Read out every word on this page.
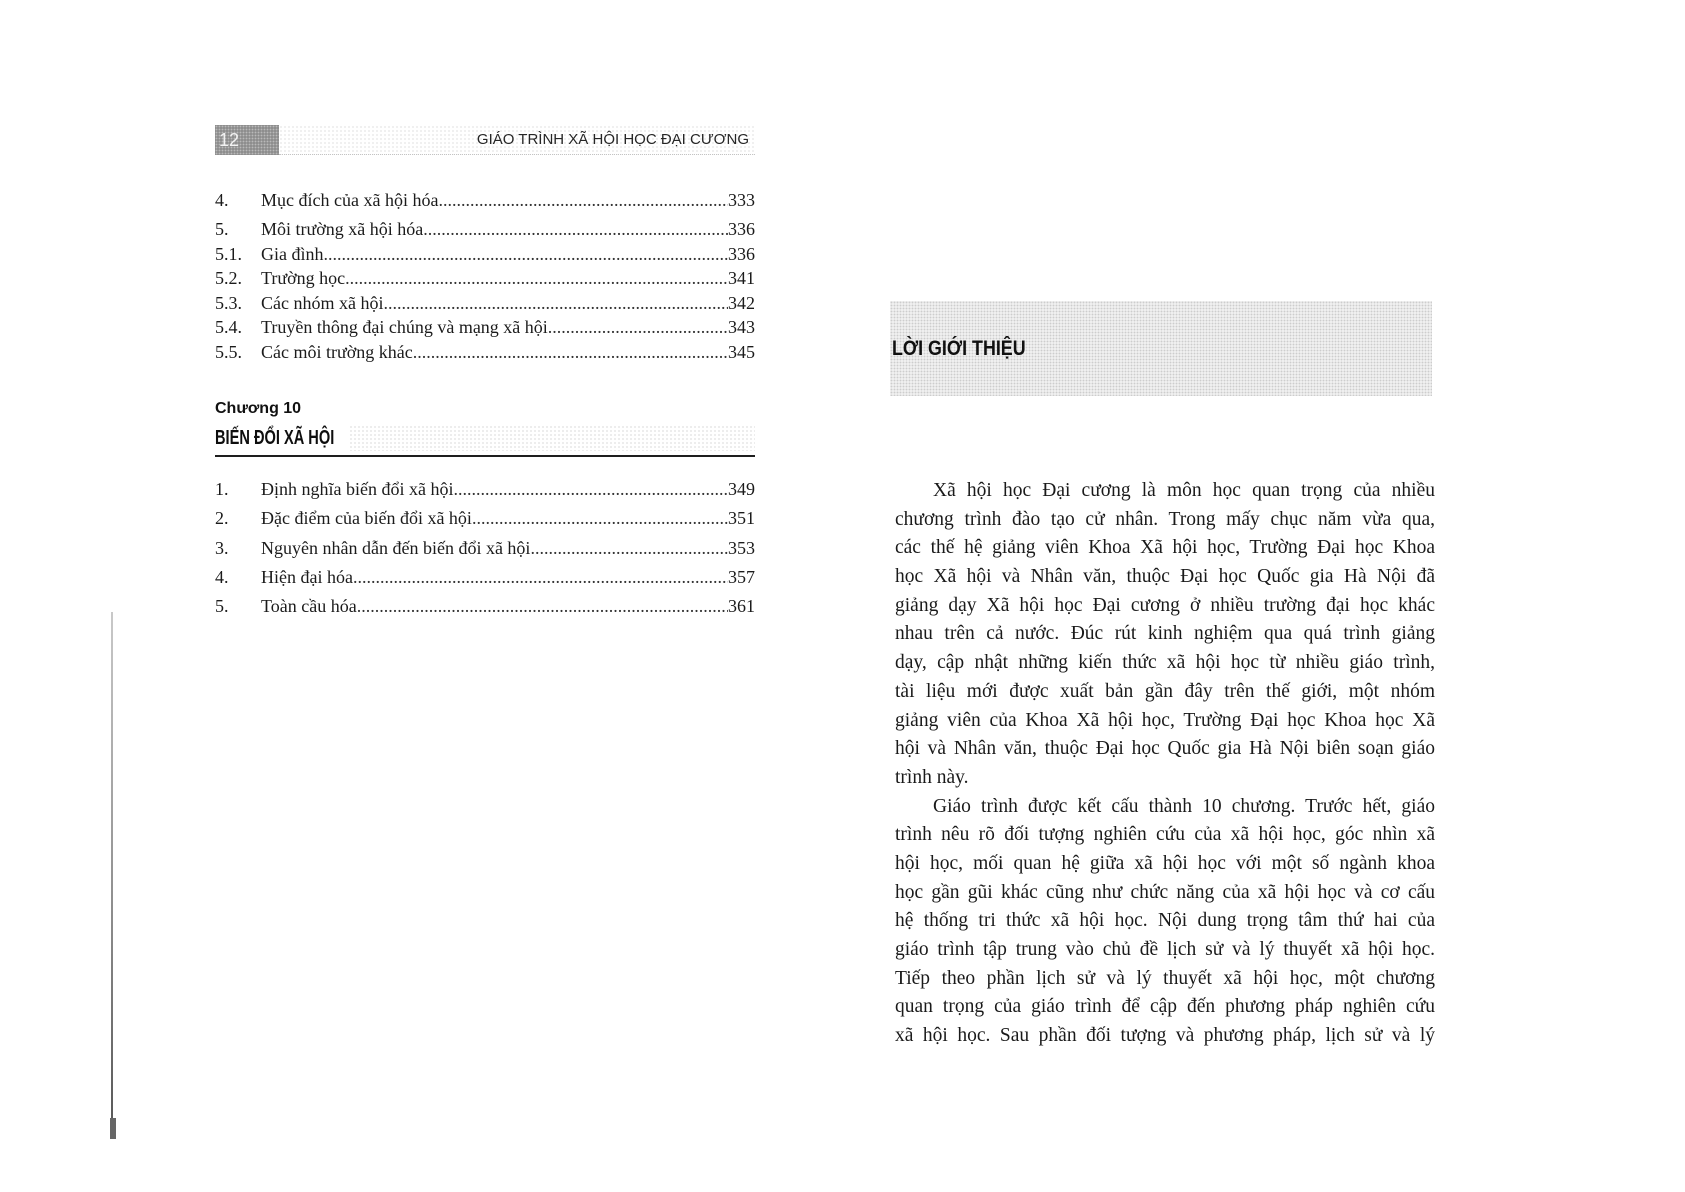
12	GIÁO TRÌNH XÃ HỘI HỌC ĐẠI CƯƠNG
4.	Mục đích của xã hội hóa .....	333
5.	Môi trường xã hội hóa .....	336
5.1.	Gia đình .....	336
5.2.	Trường học .....	341
5.3.	Các nhóm xã hội .....	342
5.4.	Truyền thông đại chúng và mạng xã hội .....	343
5.5.	Các môi trường khác .....	345
Chương 10
BIẾN ĐỔI XÃ HỘI
1.	Định nghĩa biến đổi xã hội .....	349
2.	Đặc điểm của biến đổi xã hội .....	351
3.	Nguyên nhân dẫn đến biến đổi xã hội .....	353
4.	Hiện đại hóa .....	357
5.	Toàn cầu hóa .....	361
LỜI GIỚI THIỆU
Xã hội học Đại cương là môn học quan trọng của nhiều
chương trình đào tạo cử nhân. Trong mấy chục năm vừa qua,
các thế hệ giảng viên Khoa Xã hội học, Trường Đại học Khoa
học Xã hội và Nhân văn, thuộc Đại học Quốc gia Hà Nội đã
giảng dạy Xã hội học Đại cương ở nhiều trường đại học khác
nhau trên cả nước. Đúc rút kinh nghiệm qua quá trình giảng
dạy, cập nhật những kiến thức xã hội học từ nhiều giáo trình,
tài liệu mới được xuất bản gần đây trên thế giới, một nhóm
giảng viên của Khoa Xã hội học, Trường Đại học Khoa học Xã
hội và Nhân văn, thuộc Đại học Quốc gia Hà Nội biên soạn giáo
trình này.
Giáo trình được kết cấu thành 10 chương. Trước hết, giáo
trình nêu rõ đối tượng nghiên cứu của xã hội học, góc nhìn xã
hội học, mối quan hệ giữa xã hội học với một số ngành khoa
học gần gũi khác cũng như chức năng của xã hội học và cơ cấu
hệ thống tri thức xã hội học. Nội dung trọng tâm thứ hai của
giáo trình tập trung vào chủ đề lịch sử và lý thuyết xã hội học.
Tiếp theo phần lịch sử và lý thuyết xã hội học, một chương
quan trọng của giáo trình để cập đến phương pháp nghiên cứu
xã hội học. Sau phần đối tượng và phương pháp, lịch sử và lý
